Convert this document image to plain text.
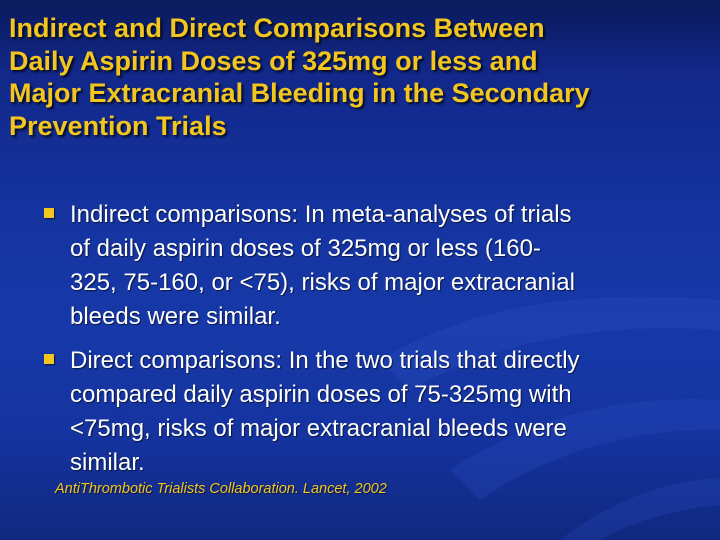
Indirect and Direct Comparisons Between
Daily Aspirin Doses of 325mg or less and
Major Extracranial Bleeding in the Secondary
Prevention Trials
Indirect comparisons: In meta-analyses of trials
of daily aspirin doses of 325mg or less (160-
325, 75-160, or <75), risks of major extracranial
bleeds were similar.
Direct comparisons: In the two trials that directly
compared daily aspirin doses of 75-325mg with
<75mg, risks of major extracranial bleeds were
similar.
AntiThrombotic Trialists Collaboration. Lancet, 2002
